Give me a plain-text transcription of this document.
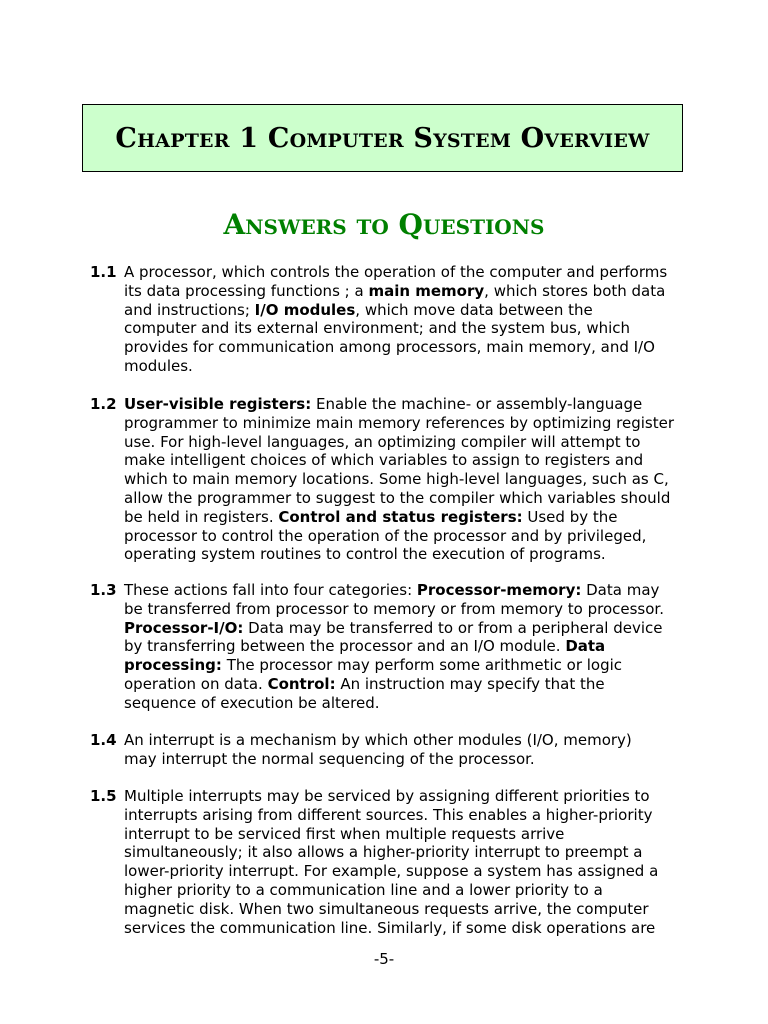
Chapter 1 Computer System Overview
Answers to Questions
1.1 A processor, which controls the operation of the computer and performs
its data processing functions ; a main memory, which stores both data
and instructions; I/O modules, which move data between the
computer and its external environment; and the system bus, which
provides for communication among processors, main memory, and I/O
modules.
1.2 User-visible registers: Enable the machine- or assembly-language
programmer to minimize main memory references by optimizing register
use. For high-level languages, an optimizing compiler will attempt to
make intelligent choices of which variables to assign to registers and
which to main memory locations. Some high-level languages, such as C,
allow the programmer to suggest to the compiler which variables should
be held in registers. Control and status registers: Used by the
processor to control the operation of the processor and by privileged,
operating system routines to control the execution of programs.
1.3 These actions fall into four categories: Processor-memory: Data may
be transferred from processor to memory or from memory to processor.
Processor-I/O: Data may be transferred to or from a peripheral device
by transferring between the processor and an I/O module. Data
processing: The processor may perform some arithmetic or logic
operation on data. Control: An instruction may specify that the
sequence of execution be altered.
1.4 An interrupt is a mechanism by which other modules (I/O, memory)
may interrupt the normal sequencing of the processor.
1.5 Multiple interrupts may be serviced by assigning different priorities to
interrupts arising from different sources. This enables a higher-priority
interrupt to be serviced first when multiple requests arrive
simultaneously; it also allows a higher-priority interrupt to preempt a
lower-priority interrupt. For example, suppose a system has assigned a
higher priority to a communication line and a lower priority to a
magnetic disk. When two simultaneous requests arrive, the computer
services the communication line. Similarly, if some disk operations are
-5-
